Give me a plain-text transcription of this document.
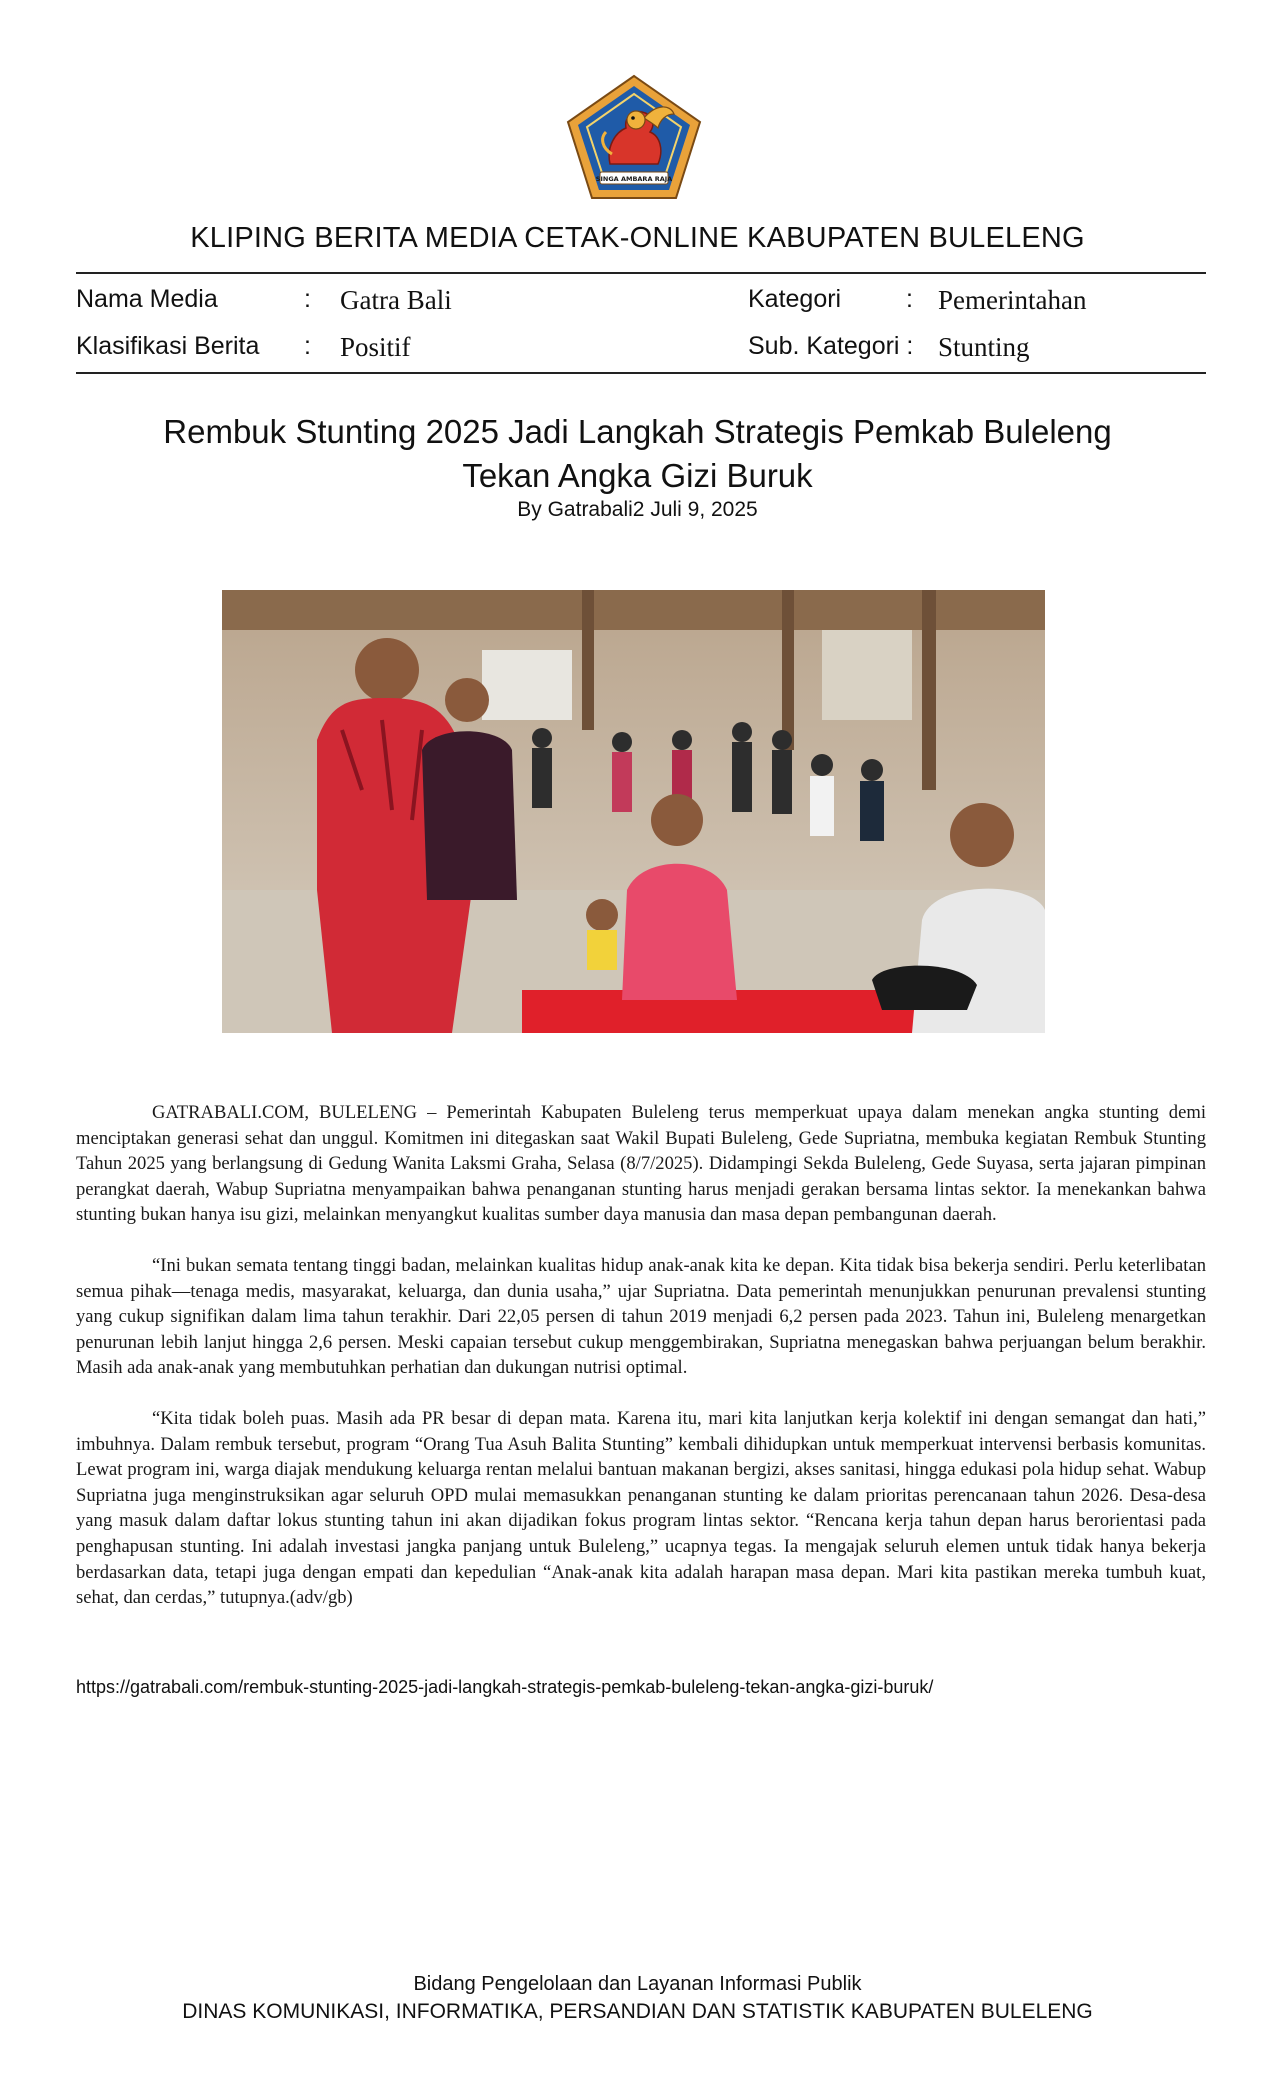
SINGA AMBARA RAJA
KLIPING BERITA MEDIA CETAK-ONLINE KABUPATEN BULELENG
Nama Media	: Gatra Bali
Klasifikasi Berita : Positif
Kategori	: Pemerintahan
Sub. Kategori : Stunting
Rembuk Stunting 2025 Jadi Langkah Strategis Pemkab Buleleng
Tekan Angka Gizi Buruk
By Gatrabali2 Juli 9, 2025

GATRABALI.COM, BULELENG – Pemerintah Kabupaten Buleleng terus memperkuat upaya dalam menekan angka stunting demi menciptakan generasi sehat dan unggul. Komitmen ini ditegaskan saat Wakil Bupati Buleleng, Gede Supriatna, membuka kegiatan Rembuk Stunting Tahun 2025 yang berlangsung di Gedung Wanita Laksmi Graha, Selasa (8/7/2025). Didampingi Sekda Buleleng, Gede Suyasa, serta jajaran pimpinan perangkat daerah, Wabup Supriatna menyampaikan bahwa penanganan stunting harus menjadi gerakan bersama lintas sektor. Ia menekankan bahwa stunting bukan hanya isu gizi, melainkan menyangkut kualitas sumber daya manusia dan masa depan pembangunan daerah.

“Ini bukan semata tentang tinggi badan, melainkan kualitas hidup anak-anak kita ke depan. Kita tidak bisa bekerja sendiri. Perlu keterlibatan semua pihak—tenaga medis, masyarakat, keluarga, dan dunia usaha,” ujar Supriatna. Data pemerintah menunjukkan penurunan prevalensi stunting yang cukup signifikan dalam lima tahun terakhir. Dari 22,05 persen di tahun 2019 menjadi 6,2 persen pada 2023. Tahun ini, Buleleng menargetkan penurunan lebih lanjut hingga 2,6 persen. Meski capaian tersebut cukup menggembirakan, Supriatna menegaskan bahwa perjuangan belum berakhir. Masih ada anak-anak yang membutuhkan perhatian dan dukungan nutrisi optimal.

“Kita tidak boleh puas. Masih ada PR besar di depan mata. Karena itu, mari kita lanjutkan kerja kolektif ini dengan semangat dan hati,” imbuhnya. Dalam rembuk tersebut, program “Orang Tua Asuh Balita Stunting” kembali dihidupkan untuk memperkuat intervensi berbasis komunitas. Lewat program ini, warga diajak mendukung keluarga rentan melalui bantuan makanan bergizi, akses sanitasi, hingga edukasi pola hidup sehat. Wabup Supriatna juga menginstruksikan agar seluruh OPD mulai memasukkan penanganan stunting ke dalam prioritas perencanaan tahun 2026. Desa-desa yang masuk dalam daftar lokus stunting tahun ini akan dijadikan fokus program lintas sektor. “Rencana kerja tahun depan harus berorientasi pada penghapusan stunting. Ini adalah investasi jangka panjang untuk Buleleng,” ucapnya tegas. Ia mengajak seluruh elemen untuk tidak hanya bekerja berdasarkan data, tetapi juga dengan empati dan kepedulian “Anak-anak kita adalah harapan masa depan. Mari kita pastikan mereka tumbuh kuat, sehat, dan cerdas,” tutupnya.(adv/gb)

https://gatrabali.com/rembuk-stunting-2025-jadi-langkah-strategis-pemkab-buleleng-tekan-angka-gizi-buruk/
Bidang Pengelolaan dan Layanan Informasi Publik
DINAS KOMUNIKASI, INFORMATIKA, PERSANDIAN DAN STATISTIK KABUPATEN BULELENG
